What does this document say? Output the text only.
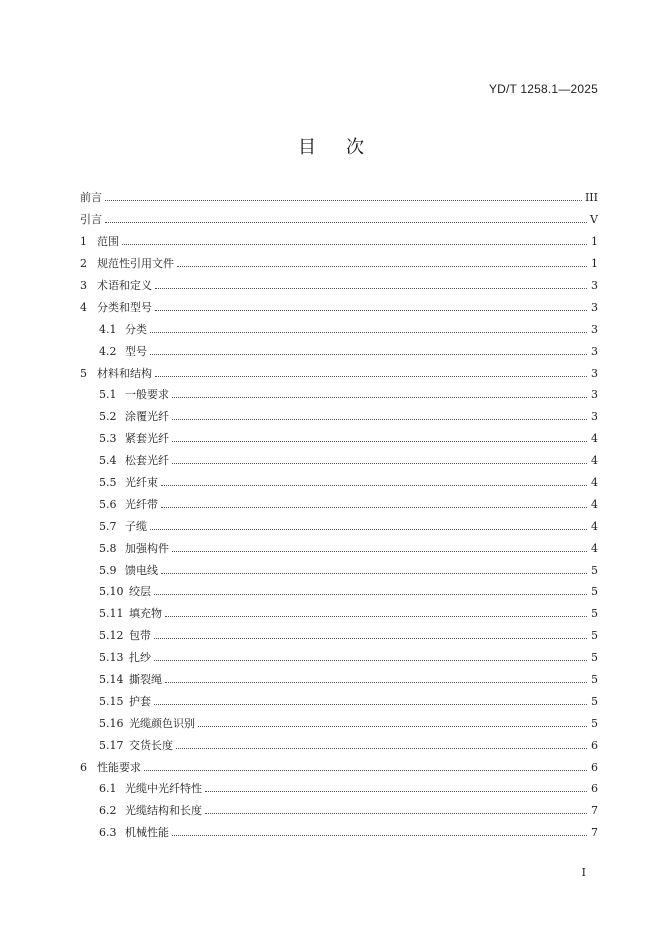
YD/T 1258.1—2025
目 次
前言	III
引言	V
1 范围	1
2 规范性引用文件	1
3 术语和定义	3
4 分类和型号	3
4.1 分类	3
4.2 型号	3
5 材料和结构	3
5.1 一般要求	3
5.2 涂覆光纤	3
5.3 紧套光纤	4
5.4 松套光纤	4
5.5 光纤束	4
5.6 光纤带	4
5.7 子缆	4
5.8 加强构件	4
5.9 馈电线	5
5.10 绞层	5
5.11 填充物	5
5.12 包带	5
5.13 扎纱	5
5.14 撕裂绳	5
5.15 护套	5
5.16 光缆颜色识别	5
5.17 交货长度	6
6 性能要求	6
6.1 光缆中光纤特性	6
6.2 光缆结构和长度	7
6.3 机械性能	7
I
